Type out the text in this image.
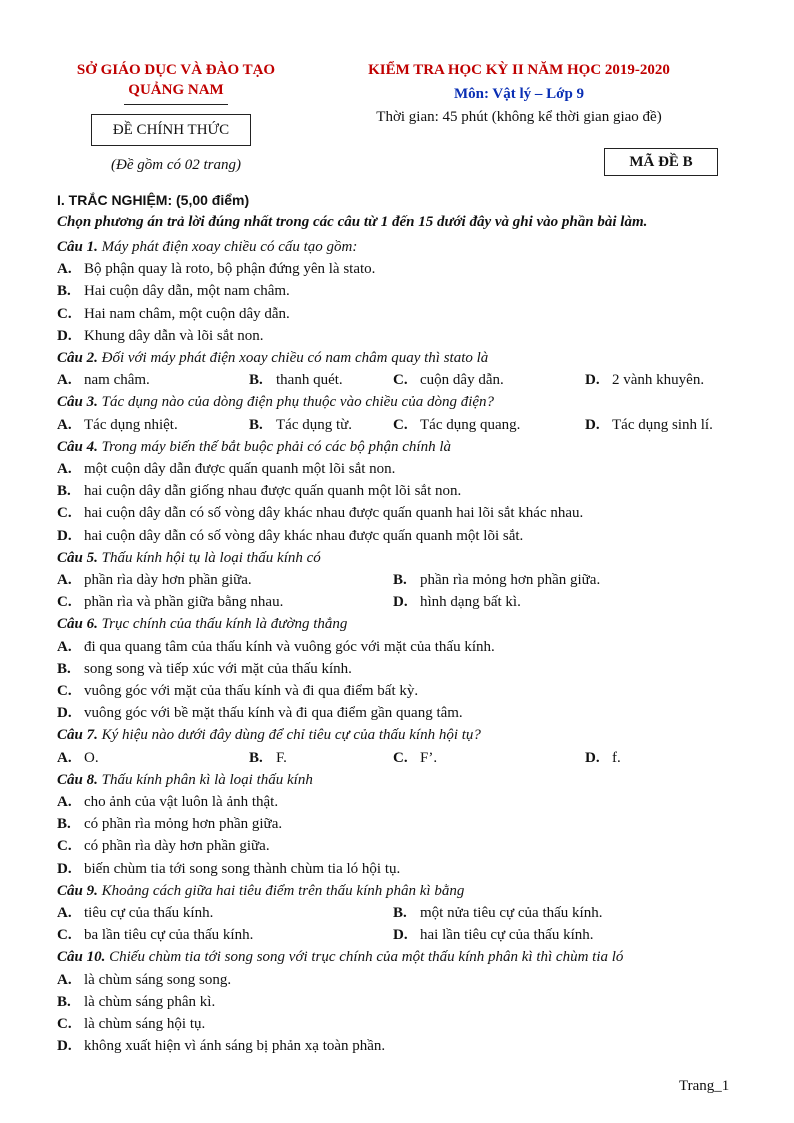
SỞ GIÁO DỤC VÀ ĐÀO TẠO
QUẢNG NAM
ĐỀ CHÍNH THỨC
(Đề gồm có 02 trang)
KIỂM TRA HỌC KỲ II NĂM HỌC 2019-2020
Môn: Vật lý – Lớp 9
Thời gian: 45 phút (không kể thời gian giao đề)
MÃ ĐỀ B
I. TRẮC NGHIỆM: (5,00 điểm)
Chọn phương án trả lời đúng nhất trong các câu từ 1 đến 15 dưới đây và ghi vào phần bài làm.
Câu 1. Máy phát điện xoay chiều có cấu tạo gồm:
A. Bộ phận quay là roto, bộ phận đứng yên là stato.
B. Hai cuộn dây dẫn, một nam châm.
C. Hai nam châm, một cuộn dây dẫn.
D. Khung dây dẫn và lõi sắt non.
Câu 2. Đối với máy phát điện xoay chiều có nam châm quay thì stato là
A. nam châm.	B. thanh quét.	C. cuộn dây dẫn.	D. 2 vành khuyên.
Câu 3. Tác dụng nào của dòng điện phụ thuộc vào chiều của dòng điện?
A. Tác dụng nhiệt.	B. Tác dụng từ.	C. Tác dụng quang.	D. Tác dụng sinh lí.
Câu 4. Trong máy biến thế bắt buộc phải có các bộ phận chính là
A. một cuộn dây dẫn được quấn quanh một lõi sắt non.
B. hai cuộn dây dẫn giống nhau được quấn quanh một lõi sắt non.
C. hai cuộn dây dẫn có số vòng dây khác nhau được quấn quanh hai lõi sắt khác nhau.
D. hai cuộn dây dẫn có số vòng dây khác nhau được quấn quanh một lõi sắt.
Câu 5. Thấu kính hội tụ là loại thấu kính có
A. phần rìa dày hơn phần giữa.	B. phần rìa mỏng hơn phần giữa.
C. phần rìa và phần giữa bằng nhau.	D. hình dạng bất kì.
Câu 6. Trục chính của thấu kính là đường thẳng
A. đi qua quang tâm của thấu kính và vuông góc với mặt của thấu kính.
B. song song và tiếp xúc với mặt của thấu kính.
C. vuông góc với mặt của thấu kính và đi qua điểm bất kỳ.
D. vuông góc với bề mặt thấu kính và đi qua điểm gần quang tâm.
Câu 7. Ký hiệu nào dưới đây dùng để chỉ tiêu cự của thấu kính hội tụ?
A. O.	B. F.	C. F’.	D. f.
Câu 8. Thấu kính phân kì là loại thấu kính
A. cho ảnh của vật luôn là ảnh thật.
B. có phần rìa mỏng hơn phần giữa.
C. có phần rìa dày hơn phần giữa.
D. biến chùm tia tới song song thành chùm tia ló hội tụ.
Câu 9. Khoảng cách giữa hai tiêu điểm trên thấu kính phân kì bằng
A. tiêu cự của thấu kính.	B. một nửa tiêu cự của thấu kính.
C. ba lần tiêu cự của thấu kính.	D. hai lần tiêu cự của thấu kính.
Câu 10. Chiếu chùm tia tới song song với trục chính của một thấu kính phân kì thì chùm tia ló
A. là chùm sáng song song.
B. là chùm sáng phân kì.
C. là chùm sáng hội tụ.
D. không xuất hiện vì ánh sáng bị phản xạ toàn phần.
Trang_1
